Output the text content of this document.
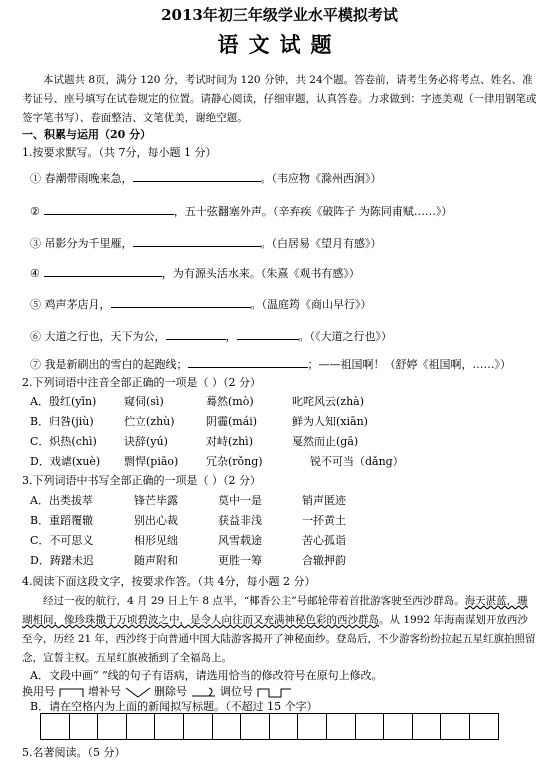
2013年初三年级学业水平模拟考试
语文试题
本试题共 8页，满分 120 分，考试时间为 120 分钟，共 24个题。答卷前，请考生务必将考点、姓名、准考证号、座号填写在试卷规定的位置。请静心阅读，仔细审题，认真答卷。力求做到：字迹美观（一律用钢笔或签字笔书写）、卷面整洁、文笔优美，谢绝空题。
一、积累与运用（20 分）
1.按要求默写。（共 7分，每小题 1 分）
① 春潮带雨晚来急，	。（韦应物《滁州西涧》）
②	，五十弦翻塞外声。（辛弃疾《破阵子 为陈同甫赋……》）
③ 吊影分为千里雁，	。（白居易《望月有感》）
④	，为有源头活水来。（朱熹《观书有感》）
⑤ 鸡声茅店月，	。（温庭筠《商山早行》）
⑥ 大道之行也，天下为公，	，	。（《大道之行也》）
⑦ 我是新刷出的雪白的起跑线；	；——祖国啊！（舒婷《祖国啊，……》）
2.下列词语中注音全部正确的一项是（ ）（2 分）
A．殷红(yīn)	窥伺(sì)	蓦然(mò)	叱咤风云(zhà)
B．归咎(jiù)	伫立(zhù)	阴霾(mái)	鲜为人知(xiān)
C．炽热(chì) 诀辞(yú)	对峙(zhì)	戛然而止(gā)
D．戏谑(xuè) 剽悍(piāo)	冗杂(rǒng)	锐不可当（dǎng）
3.下列词语中书写全部正确的一项是（ ）（2 分）
A．出类拔萃	锋芒毕露	莫中一是	销声匿迹
B．重蹈覆辙	别出心裁	获益非浅	一抔黄土
C．不可思义	相形见绌	风雪载途	苦心孤诣
D．踌躇未迟	随声附和	更胜一筹	合辙押韵
4.阅读下面这段文字，按要求作答。（共 4分，每小题 2 分）
经过一夜的航行，4 月 29 日上午 8 点半，“椰香公主”号邮轮带着首批游客驶至西沙群岛。海天湛蓝，珊瑚相间，像珍珠撒于万顷碧波之中，是令人向往而又充满神秘色彩的西沙群岛。从 1992 年海南谋划开放西沙至今，历经 21 年，西沙终于向普通中国大陆游客揭开了神秘面纱。登岛后，不少游客纷纷拉起五星红旗拍照留念，宣誓主权。五星红旗被插到了全福岛上。
A．文段中画“ ”线的句子有语病，请选用恰当的修改符号在原句上修改。
换用号	增补号	删除号	调位号
B．请在空格内为上面的新闻拟写标题。（不超过 15 个字）
5.名著阅读。（5 分）
